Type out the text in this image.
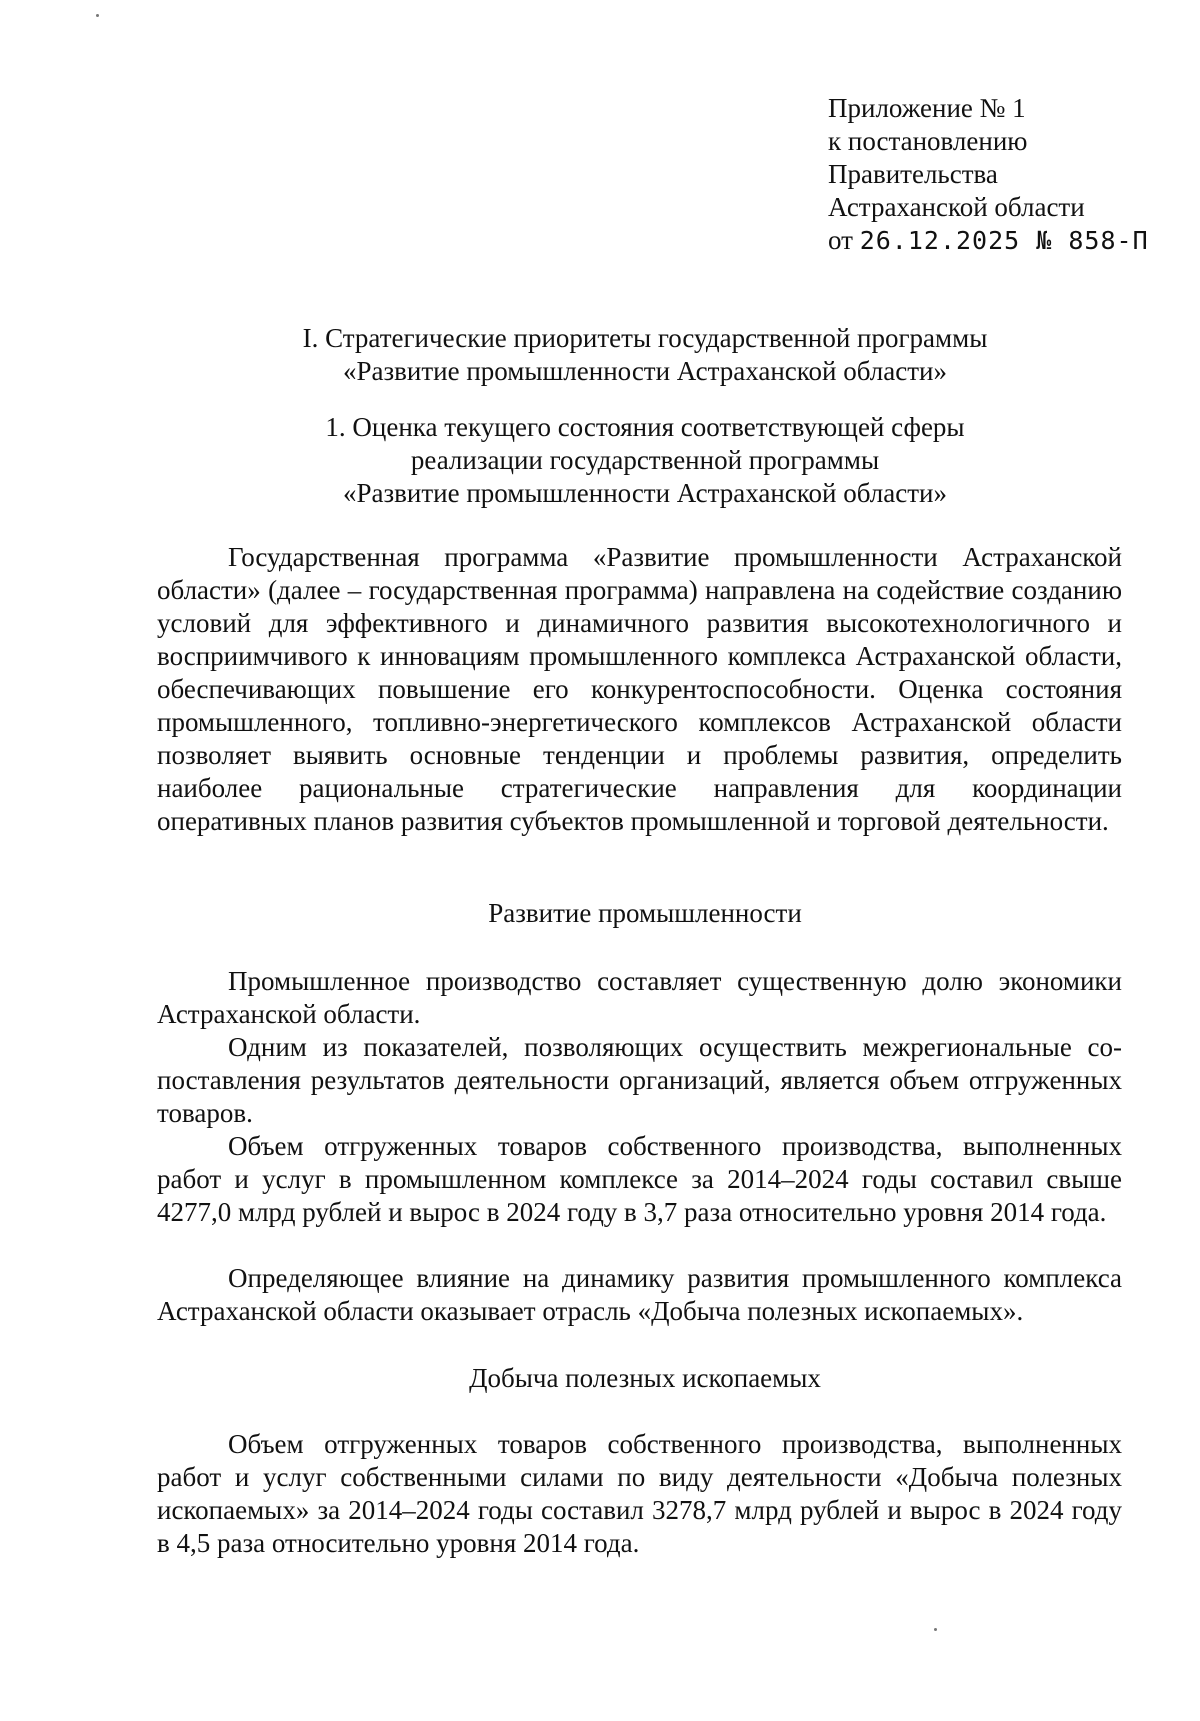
Приложение № 1
к постановлению
Правительства
Астраханской области
от 26.12.2025 № 858-П
I. Стратегические приоритеты государственной программы
«Развитие промышленности Астраханской области»
1. Оценка текущего состояния соответствующей сферы
реализации государственной программы
«Развитие промышленности Астраханской области»

Государственная программа «Развитие промышленности Астраханской области» (далее – государственная программа) направлена на содействие созданию условий для эффективного и динамичного развития высокотехнологичного и восприимчивого к инновациям промышленного комплекса Астраханской области, обеспечивающих повышение его конкурентоспособности. Оценка состояния промышленного, топливно-энергетического комплексов Астраханской области позволяет выявить основные тенденции и проблемы развития, определить наиболее рациональные стратегические направления для координации оперативных планов развития субъектов промышленной и торговой деятельности.

Развитие промышленности

Промышленное производство составляет существенную долю экономики Астраханской области.

Одним из показателей, позволяющих осуществить межрегиональные сопоставления результатов деятельности организаций, является объем отгруженных товаров.

Объем отгруженных товаров собственного производства, выполненных работ и услуг в промышленном комплексе за 2014–2024 годы составил свыше 4277,0 млрд рублей и вырос в 2024 году в 3,7 раза относительно уровня 2014 года.

Определяющее влияние на динамику развития промышленного комплекса Астраханской области оказывает отрасль «Добыча полезных ископаемых».

Добыча полезных ископаемых

Объем отгруженных товаров собственного производства, выполненных работ и услуг собственными силами по виду деятельности «Добыча полезных ископаемых» за 2014–2024 годы составил 3278,7 млрд рублей и вырос в 2024 году в 4,5 раза относительно уровня 2014 года.
